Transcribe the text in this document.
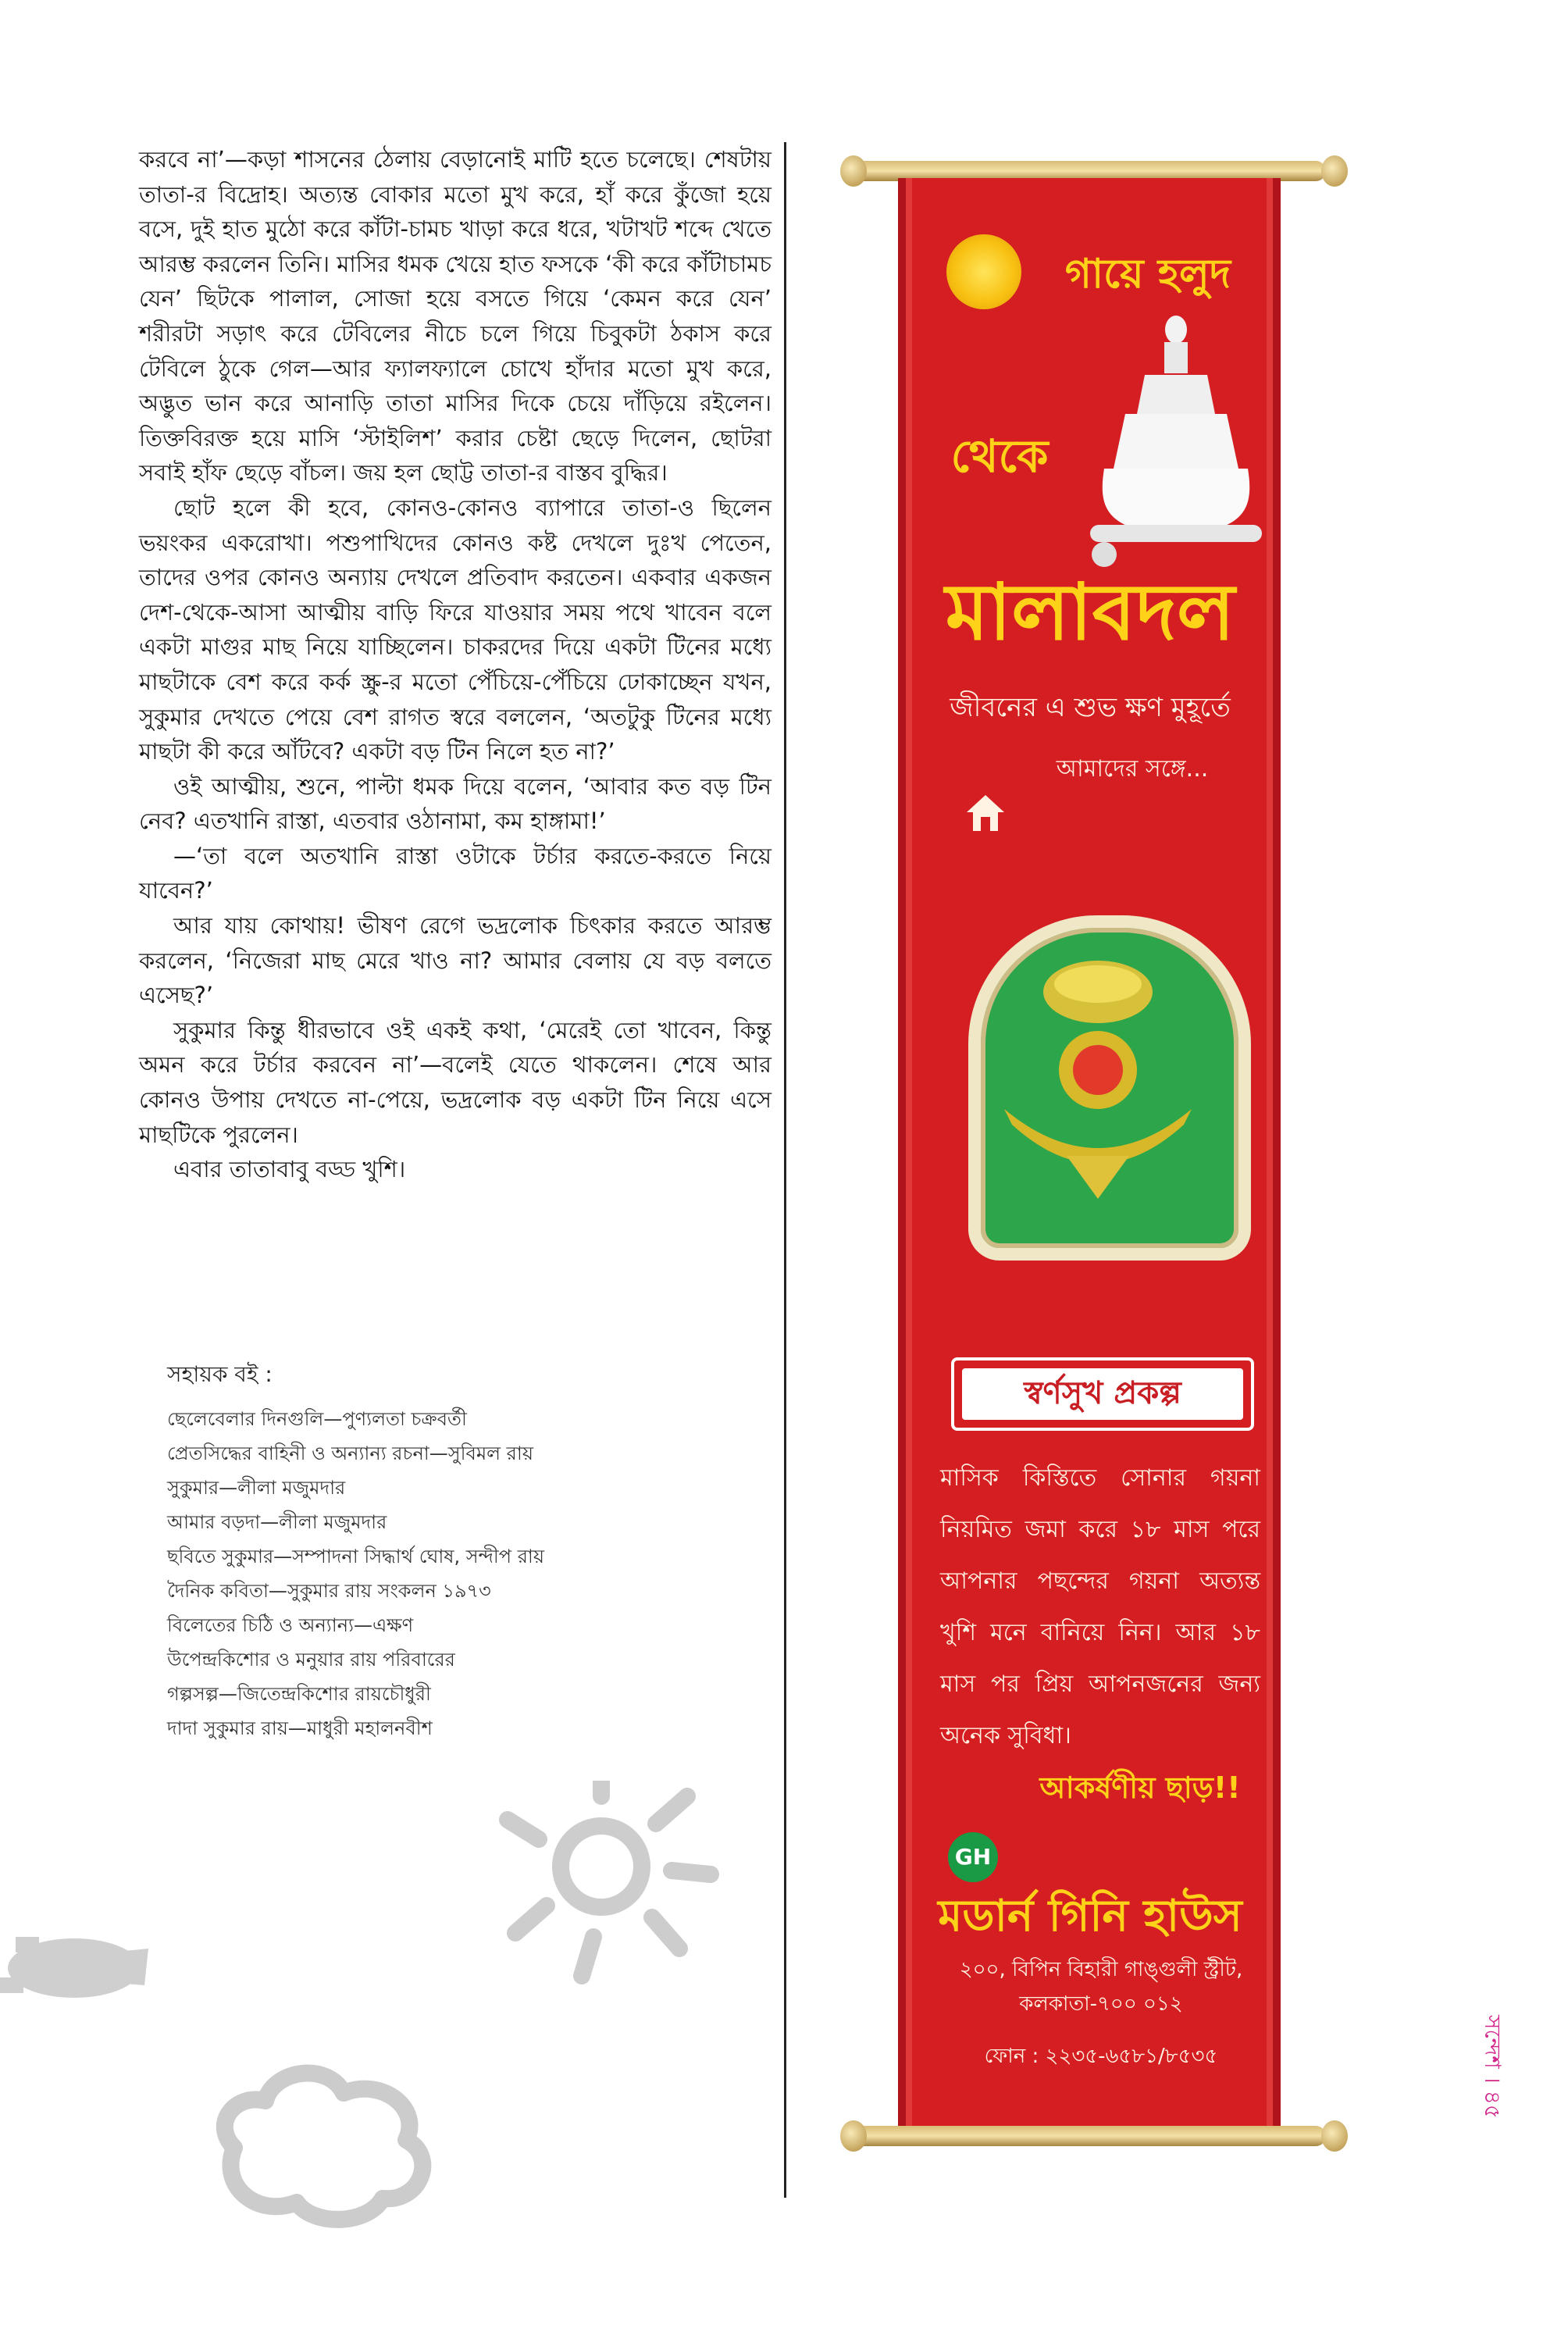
করবে না’—কড়া শাসনের ঠেলায় বেড়ানোই মাটি হতে চলেছে। শেষটায় তাতা-র বিদ্রোহ। অত্যন্ত বোকার মতো মুখ করে, হাঁ করে কুঁজো হয়ে বসে, দুই হাত মুঠো করে কাঁটা-চামচ খাড়া করে ধরে, খটাখট শব্দে খেতে আরম্ভ করলেন তিনি। মাসির ধমক খেয়ে হাত ফসকে ‘কী করে কাঁটাচামচ যেন’ ছিটকে পালাল, সোজা হয়ে বসতে গিয়ে ‘কেমন করে যেন’ শরীরটা সড়াৎ করে টেবিলের নীচে চলে গিয়ে চিবুকটা ঠকাস করে টেবিলে ঠুকে গেল—আর ফ্যালফ্যালে চোখে হাঁদার মতো মুখ করে, অদ্ভুত ভান করে আনাড়ি তাতা মাসির দিকে চেয়ে দাঁড়িয়ে রইলেন। তিক্তবিরক্ত হয়ে মাসি ‘স্টাইলিশ’ করার চেষ্টা ছেড়ে দিলেন, ছোটরা সবাই হাঁফ ছেড়ে বাঁচল। জয় হল ছোট্ট তাতা-র বাস্তব বুদ্ধির।

ছোট হলে কী হবে, কোনও-কোনও ব্যাপারে তাতা-ও ছিলেন ভয়ংকর একরোখা। পশুপাখিদের কোনও কষ্ট দেখলে দুঃখ পেতেন, তাদের ওপর কোনও অন্যায় দেখলে প্রতিবাদ করতেন। একবার একজন দেশ-থেকে-আসা আত্মীয় বাড়ি ফিরে যাওয়ার সময় পথে খাবেন বলে একটা মাগুর মাছ নিয়ে যাচ্ছিলেন। চাকরদের দিয়ে একটা টিনের মধ্যে মাছটাকে বেশ করে কর্ক স্ক্রু-র মতো পেঁচিয়ে-পেঁচিয়ে ঢোকাচ্ছেন যখন, সুকুমার দেখতে পেয়ে বেশ রাগত স্বরে বললেন, ‘অতটুকু টিনের মধ্যে মাছটা কী করে আঁটবে? একটা বড় টিন নিলে হত না?’

ওই আত্মীয়, শুনে, পাল্টা ধমক দিয়ে বলেন, ‘আবার কত বড় টিন নেব? এতখানি রাস্তা, এতবার ওঠানামা, কম হাঙ্গামা!’

—‘তা বলে অতখানি রাস্তা ওটাকে টর্চার করতে-করতে নিয়ে যাবেন?’

আর যায় কোথায়! ভীষণ রেগে ভদ্রলোক চিৎকার করতে আরম্ভ করলেন, ‘নিজেরা মাছ মেরে খাও না? আমার বেলায় যে বড় বলতে এসেছ?’

সুকুমার কিন্তু ধীরভাবে ওই একই কথা, ‘মেরেই তো খাবেন, কিন্তু অমন করে টর্চার করবেন না’—বলেই যেতে থাকলেন। শেষে আর কোনও উপায় দেখতে না-পেয়ে, ভদ্রলোক বড় একটা টিন নিয়ে এসে মাছটিকে পুরলেন।

এবার তাতাবাবু বড্ড খুশি।

সহায়ক বই :
ছেলেবেলার দিনগুলি—পুণ্যলতা চক্রবর্তী
প্রেতসিদ্ধের বাহিনী ও অন্যান্য রচনা—সুবিমল রায়
সুকুমার—লীলা মজুমদার
আমার বড়দা—লীলা মজুমদার
ছবিতে সুকুমার—সম্পাদনা সিদ্ধার্থ ঘোষ, সন্দীপ রায়
দৈনিক কবিতা—সুকুমার রায় সংকলন ১৯৭৩
বিলেতের চিঠি ও অন্যান্য—এক্ষণ
উপেন্দ্রকিশোর ও মনুয়ার রায় পরিবারের
গল্পসল্প—জিতেন্দ্রকিশোর রায়চৌধুরী
দাদা সুকুমার রায়—মাধুরী মহালনবীশ
গায়ে হলুদ
থেকে
মালাবদল
জীবনের এ শুভ ক্ষণ মুহূর্তে
আমাদের সঙ্গে...
স্বর্ণসুখ প্রকল্প
মাসিক কিস্তিতে সোনার গয়না নিয়মিত জমা করে ১৮ মাস পরে আপনার পছন্দের গয়না অত্যন্ত খুশি মনে বানিয়ে নিন। আর ১৮ মাস পর প্রিয় আপনজনের জন্য অনেক সুবিধা।
আকর্ষণীয় ছাড়!!
GH
মডার্ন গিনি হাউস
২০০, বিপিন বিহারী গাঙ্গুলী স্ট্রীট, কলকাতা-৭০০ ০১২
ফোন : ২২৩৫-৬৫৮১/৮৫৩৫	সন্দেশ । ৪৫
